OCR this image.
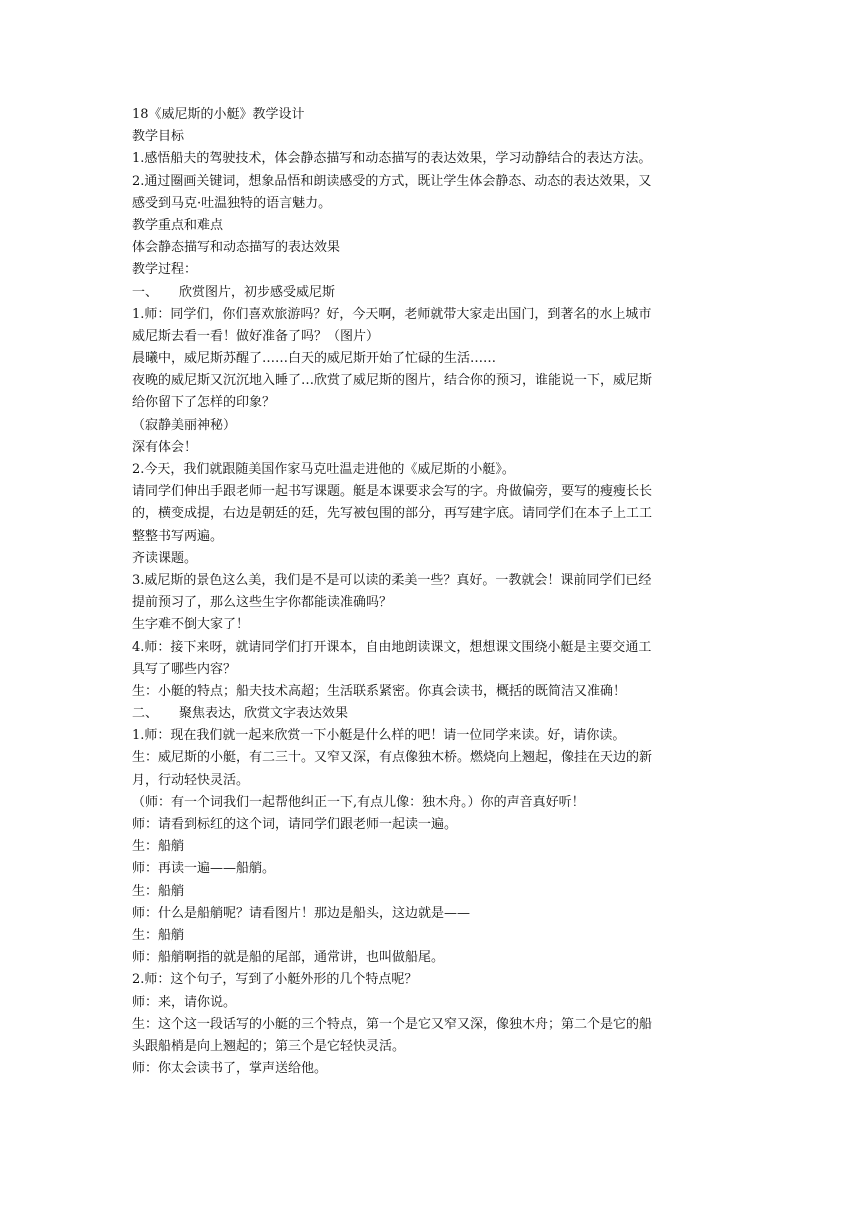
18《威尼斯的小艇》教学设计
教学目标
1.感悟船夫的驾驶技术，体会静态描写和动态描写的表达效果，学习动静结合的表达方法。
2.通过圈画关键词，想象品悟和朗读感受的方式，既让学生体会静态、动态的表达效果，又
感受到马克·吐温独特的语言魅力。
教学重点和难点
体会静态描写和动态描写的表达效果
教学过程：
一、 欣赏图片，初步感受威尼斯
1.师：同学们，你们喜欢旅游吗？好，今天啊，老师就带大家走出国门，到著名的水上城市
威尼斯去看一看！做好准备了吗？（图片）
晨曦中，威尼斯苏醒了……白天的威尼斯开始了忙碌的生活……
夜晚的威尼斯又沉沉地入睡了…欣赏了威尼斯的图片，结合你的预习，谁能说一下，威尼斯
给你留下了怎样的印象？
（寂静美丽神秘）
深有体会！
2.今天，我们就跟随美国作家马克吐温走进他的《威尼斯的小艇》。
请同学们伸出手跟老师一起书写课题。艇是本课要求会写的字。舟做偏旁，要写的瘦瘦长长
的，横变成提，右边是朝廷的廷，先写被包围的部分，再写建字底。请同学们在本子上工工
整整书写两遍。
齐读课题。
3.威尼斯的景色这么美，我们是不是可以读的柔美一些？真好。一教就会！课前同学们已经
提前预习了，那么这些生字你都能读准确吗？
生字难不倒大家了！
4.师：接下来呀，就请同学们打开课本，自由地朗读课文，想想课文围绕小艇是主要交通工
具写了哪些内容？
生：小艇的特点；船夫技术高超；生活联系紧密。你真会读书，概括的既简洁又准确！
二、 聚焦表达，欣赏文字表达效果
1.师：现在我们就一起来欣赏一下小艇是什么样的吧！请一位同学来读。好，请你读。
生：威尼斯的小艇，有二三十。又窄又深，有点像独木桥。燃烧向上翘起，像挂在天边的新
月，行动轻快灵活。
（师：有一个词我们一起帮他纠正一下,有点儿像：独木舟。）你的声音真好听！
师：请看到标红的这个词，请同学们跟老师一起读一遍。
生：船艄
师：再读一遍——船艄。
生：船艄
师：什么是船艄呢？请看图片！那边是船头，这边就是——
生：船艄
师：船艄啊指的就是船的尾部，通常讲，也叫做船尾。
2.师：这个句子，写到了小艇外形的几个特点呢？
师：来，请你说。
生：这个这一段话写的小艇的三个特点，第一个是它又窄又深，像独木舟；第二个是它的船
头跟船梢是向上翘起的；第三个是它轻快灵活。
师：你太会读书了，掌声送给他。
